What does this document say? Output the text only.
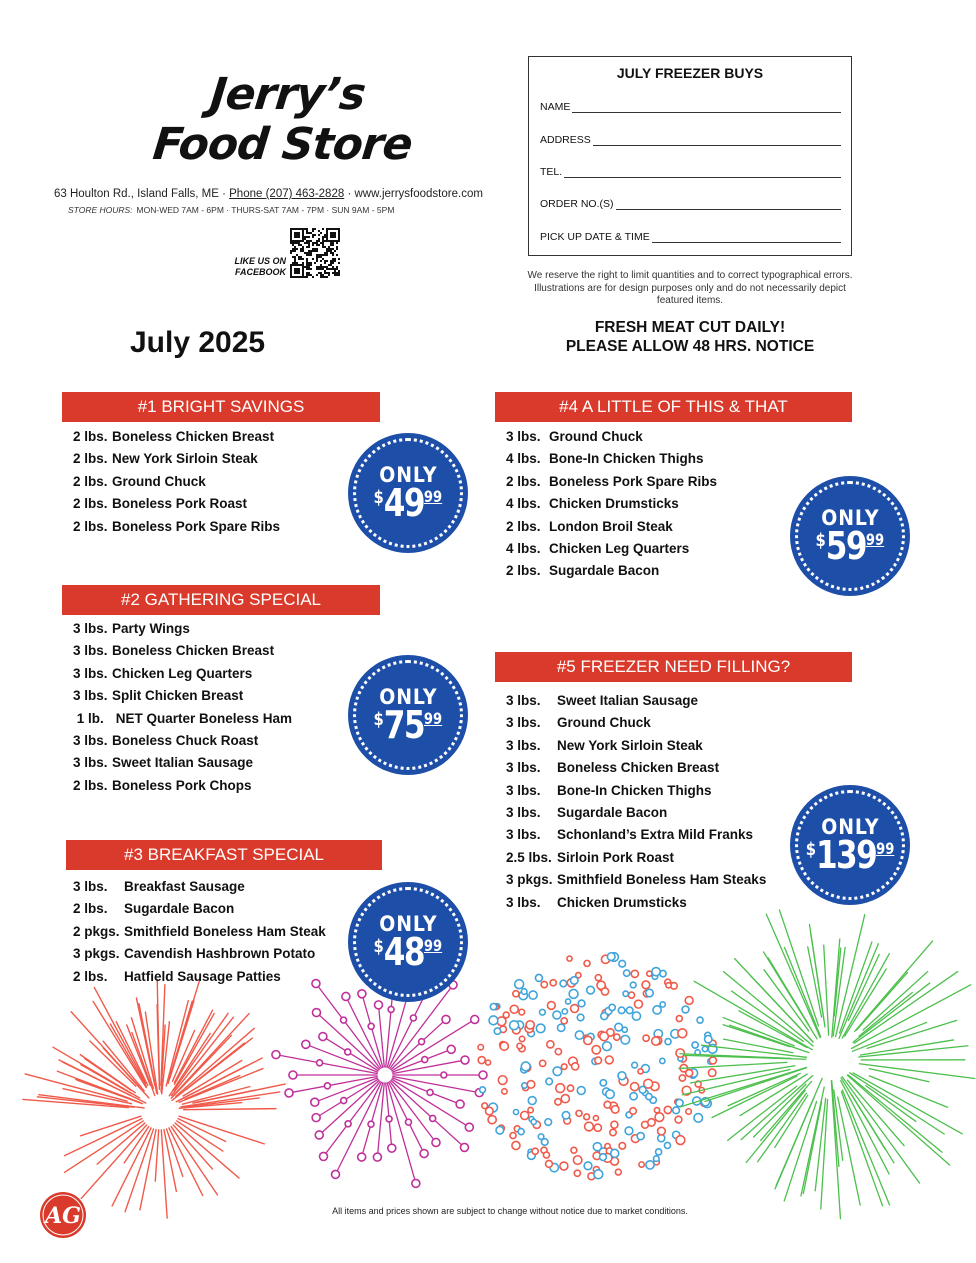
Jerry’s
Food Store
63 Houlton Rd., Island Falls, ME · Phone (207) 463-2828 · www.jerrysfoodstore.com
STORE HOURS: MON-WED 7AM - 6PM · THURS-SAT 7AM - 7PM · SUN 9AM - 5PM
LIKE US ON
FACEBOOK
July 2025
JULY FREEZER BUYS
NAME
ADDRESS
TEL.
ORDER NO.(S)
PICK UP DATE & TIME
We reserve the right to limit quantities and to correct typographical errors. Illustrations are for design purposes only and do not necessarily depict featured items.
FRESH MEAT CUT DAILY!
PLEASE ALLOW 48 HRS. NOTICE
#1 BRIGHT SAVINGS
2 lbs. Boneless Chicken Breast
2 lbs. New York Sirloin Steak
2 lbs. Ground Chuck
2 lbs. Boneless Pork Roast
2 lbs. Boneless Pork Spare Ribs
ONLY
$ 49 99
#2 GATHERING SPECIAL
3 lbs. Party Wings
3 lbs. Boneless Chicken Breast
3 lbs. Chicken Leg Quarters
3 lbs. Split Chicken Breast
1 lb. NET Quarter Boneless Ham
3 lbs. Boneless Chuck Roast
3 lbs. Sweet Italian Sausage
2 lbs. Boneless Pork Chops
ONLY
$ 75 99
#3 BREAKFAST SPECIAL
3 lbs.	Breakfast Sausage
2 lbs.	Sugardale Bacon
2 pkgs. Smithfield Boneless Ham Steak
3 pkgs. Cavendish Hashbrown Potato
2 lbs.	Hatfield Sausage Patties
ONLY
$ 48 99
#4 A LITTLE OF THIS & THAT
3 lbs. Ground Chuck
4 lbs. Bone-In Chicken Thighs
2 lbs. Boneless Pork Spare Ribs
4 lbs. Chicken Drumsticks
2 lbs. London Broil Steak
4 lbs. Chicken Leg Quarters
2 lbs. Sugardale Bacon
ONLY
$ 59 99
#5 FREEZER NEED FILLING?
3 lbs.	Sweet Italian Sausage
3 lbs.	Ground Chuck
3 lbs.	New York Sirloin Steak
3 lbs.	Boneless Chicken Breast
3 lbs.	Bone-In Chicken Thighs
3 lbs.	Sugardale Bacon
3 lbs.	Schonland’s Extra Mild Franks
2.5 lbs. Sirloin Pork Roast
3 pkgs. Smithfield Boneless Ham Steaks
3 lbs.	Chicken Drumsticks
ONLY
$ 139 99
AG	All items and prices shown are subject to change without notice due to market conditions.
